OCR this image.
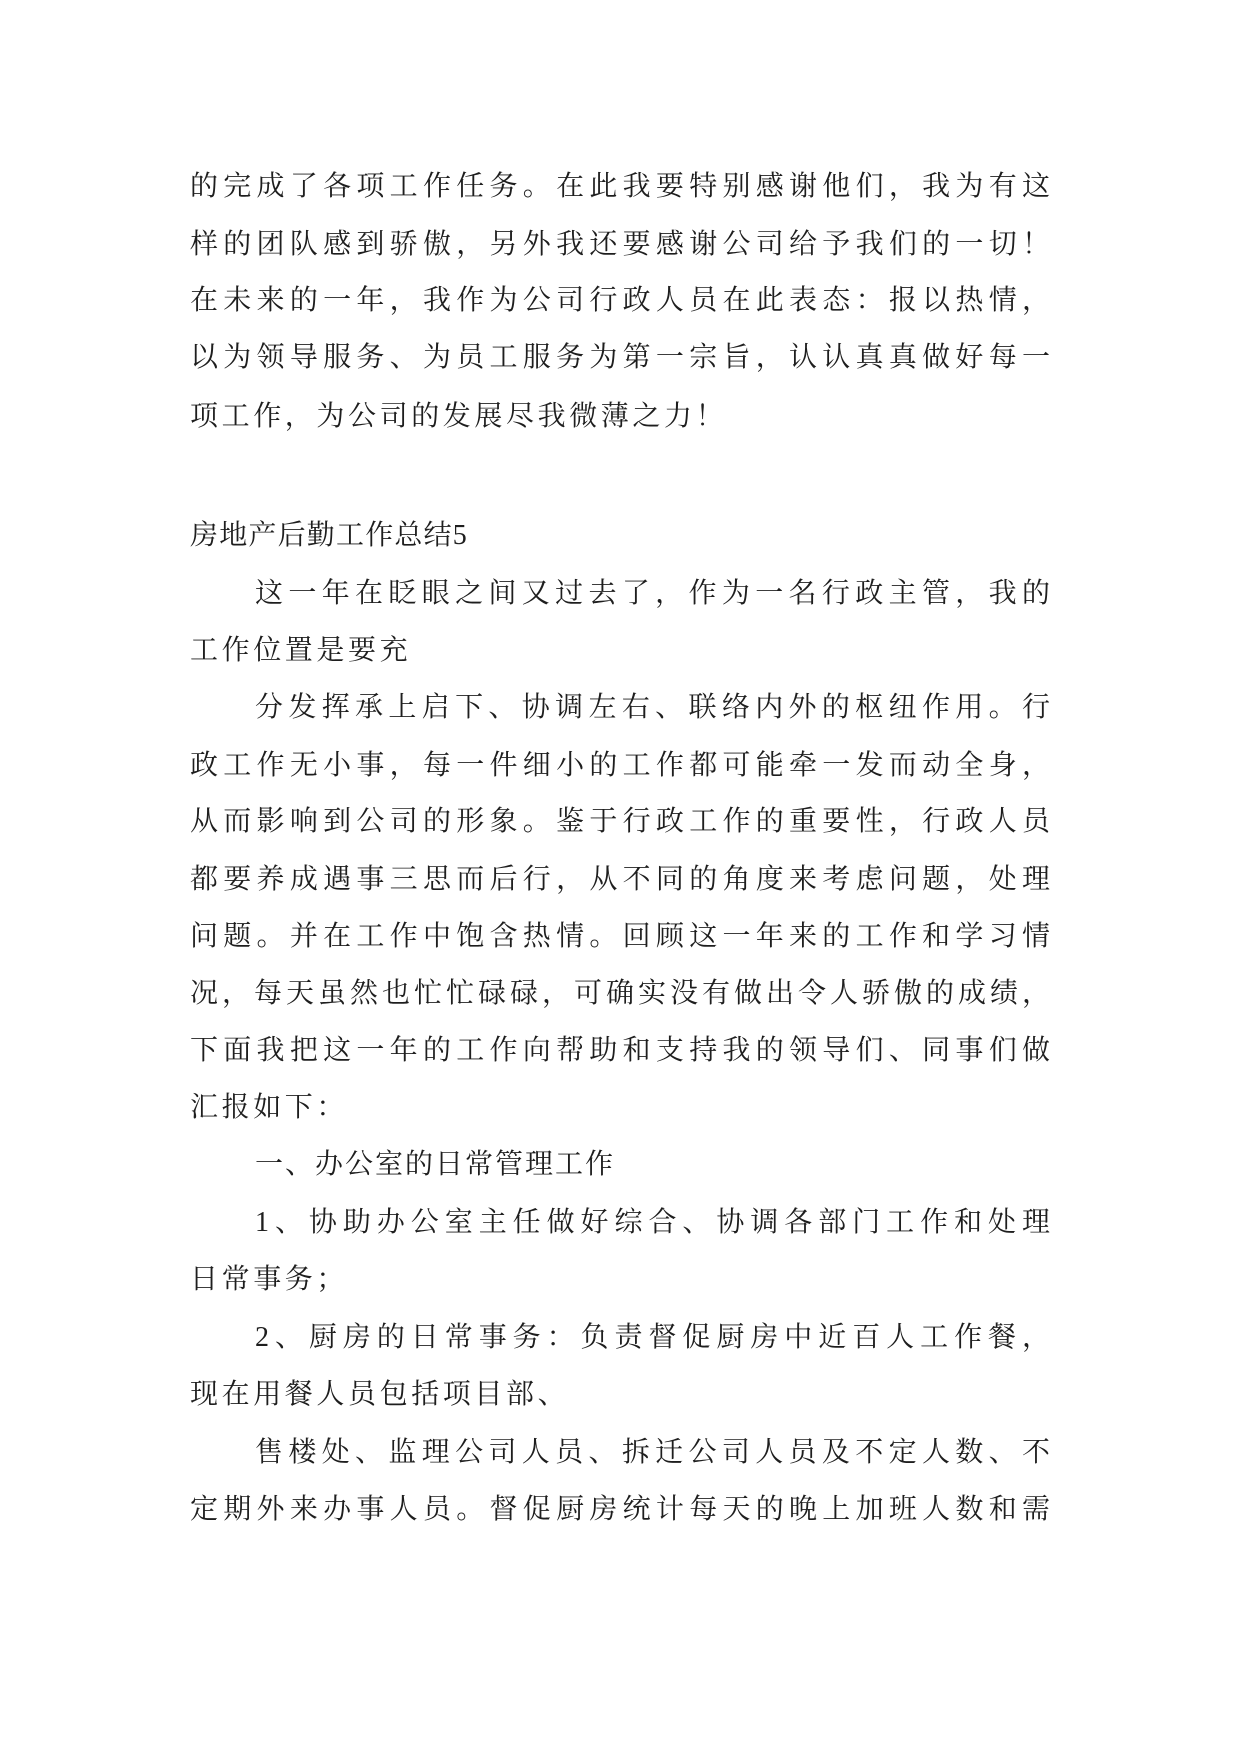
的完成了各项工作任务。在此我要特别感谢他们，我为有这
样的团队感到骄傲，另外我还要感谢公司给予我们的一切！
在未来的一年，我作为公司行政人员在此表态：报以热情，
以为领导服务、为员工服务为第一宗旨，认认真真做好每一
项工作，为公司的发展尽我微薄之力！
房地产后勤工作总结5
这一年在眨眼之间又过去了，作为一名行政主管，我的
工作位置是要充
分发挥承上启下、协调左右、联络内外的枢纽作用。行
政工作无小事，每一件细小的工作都可能牵一发而动全身，
从而影响到公司的形象。鉴于行政工作的重要性，行政人员
都要养成遇事三思而后行，从不同的角度来考虑问题，处理
问题。并在工作中饱含热情。回顾这一年来的工作和学习情
况，每天虽然也忙忙碌碌，可确实没有做出令人骄傲的成绩，
下面我把这一年的工作向帮助和支持我的领导们、同事们做
汇报如下：
一、办公室的日常管理工作
1、协助办公室主任做好综合、协调各部门工作和处理
日常事务；
2、厨房的日常事务：负责督促厨房中近百人工作餐，
现在用餐人员包括项目部、
售楼处、监理公司人员、拆迁公司人员及不定人数、不
定期外来办事人员。督促厨房统计每天的晚上加班人数和需
